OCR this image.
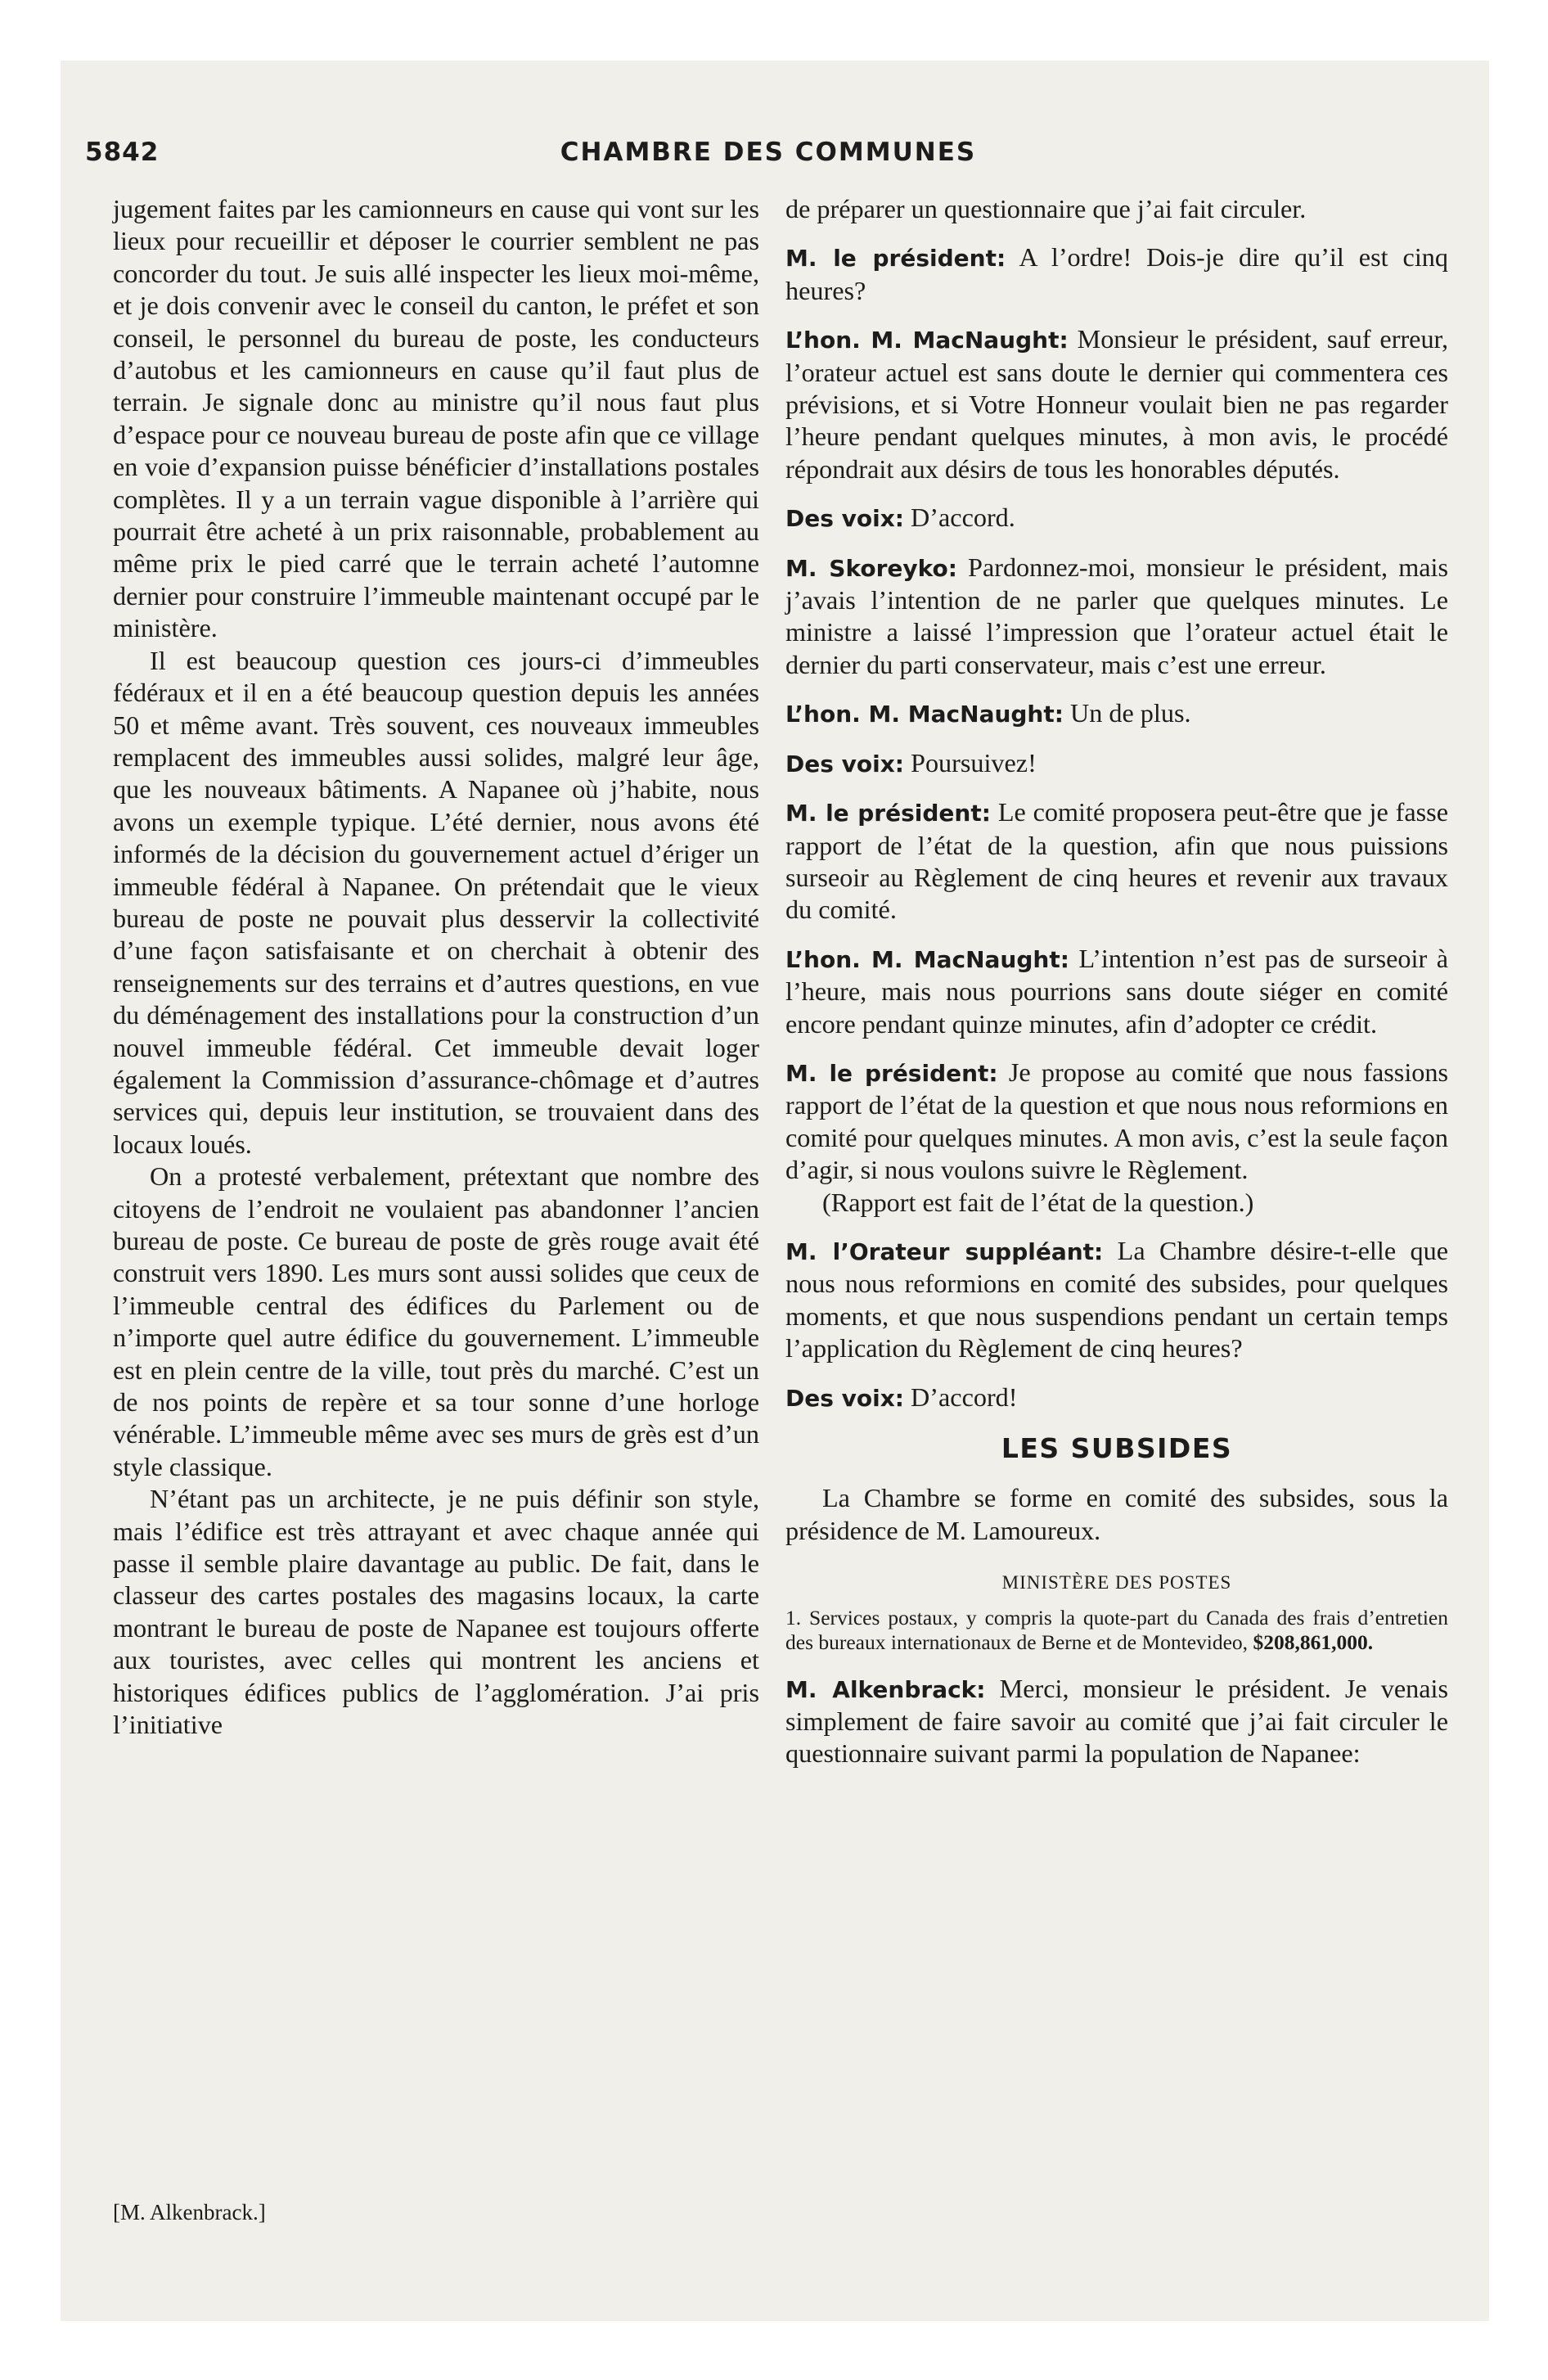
5842	CHAMBRE DES COMMUNES

jugement faites par les camionneurs en cause qui vont sur les lieux pour recueillir et déposer le courrier semblent ne pas concorder du tout. Je suis allé inspecter les lieux moi-même, et je dois convenir avec le conseil du canton, le préfet et son conseil, le personnel du bureau de poste, les conducteurs d’autobus et les camionneurs en cause qu’il faut plus de terrain. Je signale donc au ministre qu’il nous faut plus d’espace pour ce nouveau bureau de poste afin que ce village en voie d’expansion puisse bénéficier d’installations postales complètes. Il y a un terrain vague disponible à l’arrière qui pourrait être acheté à un prix raisonnable, probablement au même prix le pied carré que le terrain acheté l’automne dernier pour construire l’immeuble maintenant occupé par le ministère.

Il est beaucoup question ces jours-ci d’immeubles fédéraux et il en a été beaucoup question depuis les années 50 et même avant. Très souvent, ces nouveaux immeubles remplacent des immeubles aussi solides, malgré leur âge, que les nouveaux bâtiments. A Napanee où j’habite, nous avons un exemple typique. L’été dernier, nous avons été informés de la décision du gouvernement actuel d’ériger un immeuble fédéral à Napanee. On prétendait que le vieux bureau de poste ne pouvait plus desservir la collectivité d’une façon satisfaisante et on cherchait à obtenir des renseignements sur des terrains et d’autres questions, en vue du déménagement des installations pour la construction d’un nouvel immeuble fédéral. Cet immeuble devait loger également la Commission d’assurance-chômage et d’autres services qui, depuis leur institution, se trouvaient dans des locaux loués.

On a protesté verbalement, prétextant que nombre des citoyens de l’endroit ne voulaient pas abandonner l’ancien bureau de poste. Ce bureau de poste de grès rouge avait été construit vers 1890. Les murs sont aussi solides que ceux de l’immeuble central des édifices du Parlement ou de n’importe quel autre édifice du gouvernement. L’immeuble est en plein centre de la ville, tout près du marché. C’est un de nos points de repère et sa tour sonne d’une horloge vénérable. L’immeuble même avec ses murs de grès est d’un style classique.

N’étant pas un architecte, je ne puis définir son style, mais l’édifice est très attrayant et avec chaque année qui passe il semble plaire davantage au public. De fait, dans le classeur des cartes postales des magasins locaux, la carte montrant le bureau de poste de Napanee est toujours offerte aux touristes, avec celles qui montrent les anciens et historiques édifices publics de l’agglomération. J’ai pris l’initiative

[M. Alkenbrack.]

de préparer un questionnaire que j’ai fait circuler.

M. le président: A l’ordre! Dois-je dire qu’il est cinq heures?

L’hon. M. MacNaught: Monsieur le président, sauf erreur, l’orateur actuel est sans doute le dernier qui commentera ces prévisions, et si Votre Honneur voulait bien ne pas regarder l’heure pendant quelques minutes, à mon avis, le procédé répondrait aux désirs de tous les honorables députés.

Des voix: D’accord.

M. Skoreyko: Pardonnez-moi, monsieur le président, mais j’avais l’intention de ne parler que quelques minutes. Le ministre a laissé l’impression que l’orateur actuel était le dernier du parti conservateur, mais c’est une erreur.

L’hon. M. MacNaught: Un de plus.

Des voix: Poursuivez!

M. le président: Le comité proposera peut-être que je fasse rapport de l’état de la question, afin que nous puissions surseoir au Règlement de cinq heures et revenir aux travaux du comité.

L’hon. M. MacNaught: L’intention n’est pas de surseoir à l’heure, mais nous pourrions sans doute siéger en comité encore pendant quinze minutes, afin d’adopter ce crédit.

M. le président: Je propose au comité que nous fassions rapport de l’état de la question et que nous nous reformions en comité pour quelques minutes. A mon avis, c’est la seule façon d’agir, si nous voulons suivre le Règlement.

(Rapport est fait de l’état de la question.)

M. l’Orateur suppléant: La Chambre désire-t-elle que nous nous reformions en comité des subsides, pour quelques moments, et que nous suspendions pendant un certain temps l’application du Règlement de cinq heures?

Des voix: D’accord!

LES SUBSIDES

La Chambre se forme en comité des subsides, sous la présidence de M. Lamoureux.

MINISTÈRE DES POSTES

1. Services postaux, y compris la quote-part du Canada des frais d’entretien des bureaux internationaux de Berne et de Montevideo, $208,861,000.

M. Alkenbrack: Merci, monsieur le président. Je venais simplement de faire savoir au comité que j’ai fait circuler le questionnaire suivant parmi la population de Napanee:
